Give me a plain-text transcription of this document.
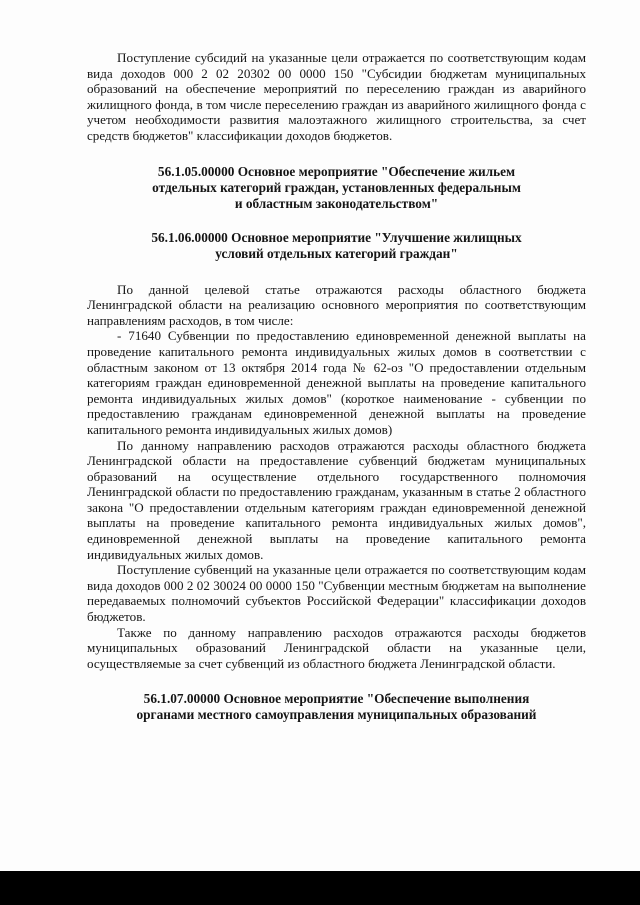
Поступление субсидий на указанные цели отражается по соответствующим кодам вида доходов 000 2 02 20302 00 0000 150 "Субсидии бюджетам муниципальных образований на обеспечение мероприятий по переселению граждан из аварийного жилищного фонда, в том числе переселению граждан из аварийного жилищного фонда с учетом необходимости развития малоэтажного жилищного строительства, за счет средств бюджетов" классификации доходов бюджетов.

56.1.05.00000 Основное мероприятие "Обеспечение жильем
отдельных категорий граждан, установленных федеральным
и областным законодательством"
56.1.06.00000 Основное мероприятие "Улучшение жилищных
условий отдельных категорий граждан"

По данной целевой статье отражаются расходы областного бюджета Ленинградской области на реализацию основного мероприятия по соответствующим направлениям расходов, в том числе:

- 71640 Субвенции по предоставлению единовременной денежной выплаты на проведение капитального ремонта индивидуальных жилых домов в соответствии с областным законом от 13 октября 2014 года № 62-оз "О предоставлении отдельным категориям граждан единовременной денежной выплаты на проведение капитального ремонта индивидуальных жилых домов" (короткое наименование - субвенции по предоставлению гражданам единовременной денежной выплаты на проведение капитального ремонта индивидуальных жилых домов)

По данному направлению расходов отражаются расходы областного бюджета Ленинградской области на предоставление субвенций бюджетам муниципальных образований на осуществление отдельного государственного полномочия Ленинградской области по предоставлению гражданам, указанным в статье 2 областного закона "О предоставлении отдельным категориям граждан единовременной денежной выплаты на проведение капитального ремонта индивидуальных жилых домов", единовременной денежной выплаты на проведение капитального ремонта индивидуальных жилых домов.

Поступление субвенций на указанные цели отражается по соответствующим кодам вида доходов 000 2 02 30024 00 0000 150 "Субвенции местным бюджетам на выполнение передаваемых полномочий субъектов Российской Федерации" классификации доходов бюджетов.

Также по данному направлению расходов отражаются расходы бюджетов муниципальных образований Ленинградской области на указанные цели, осуществляемые за счет субвенций из областного бюджета Ленинградской области.

56.1.07.00000 Основное мероприятие "Обеспечение выполнения
органами местного самоуправления муниципальных образований
